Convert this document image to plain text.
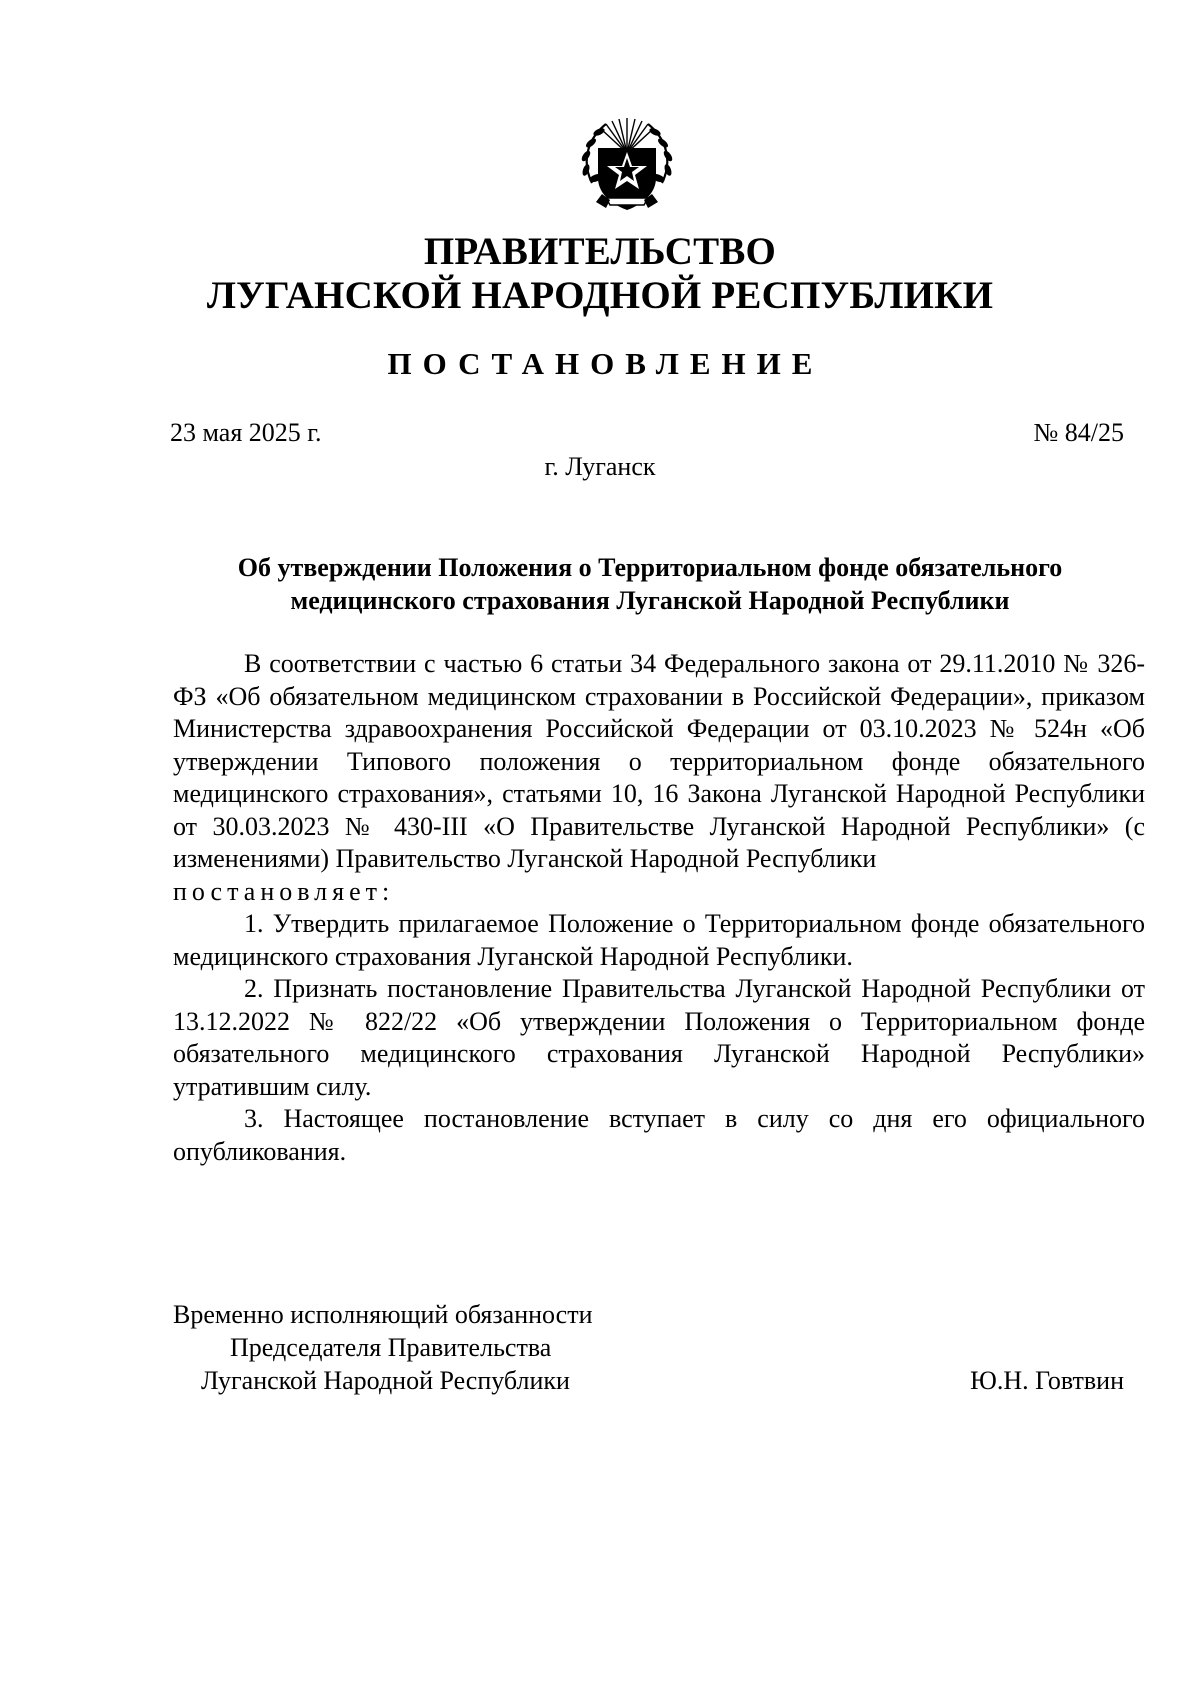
ПРАВИТЕЛЬСТВО
ЛУГАНСКОЙ НАРОДНОЙ РЕСПУБЛИКИ
ПОСТАНОВЛЕНИЕ
23 мая 2025 г.	№ 84/25
г. Луганск
Об утверждении Положения о Территориальном фонде обязательного
медицинского страхования Луганской Народной Республики

В соответствии с частью 6 статьи 34 Федерального закона от 29.11.2010 № 326-ФЗ «Об обязательном медицинском страховании в Российской Федерации», приказом Министерства здравоохранения Российской Федерации от 03.10.2023 № 524н «Об утверждении Типового положения о территориальном фонде обязательного медицинского страхования», статьями 10, 16 Закона Луганской Народной Республики от 30.03.2023 № 430-III «О Правительстве Луганской Народной Республики» (с изменениями) Правительство Луганской Народной Республики
постановляет:

1. Утвердить прилагаемое Положение о Территориальном фонде обязательного медицинского страхования Луганской Народной Республики.

2. Признать постановление Правительства Луганской Народной Республики от 13.12.2022 № 822/22 «Об утверждении Положения о Территориальном фонде обязательного медицинского страхования Луганской Народной Республики» утратившим силу.

3. Настоящее постановление вступает в силу со дня его официального опубликования.

Временно исполняющий обязанности
Председателя Правительства
Луганской Народной Республики	Ю.Н. Говтвин
